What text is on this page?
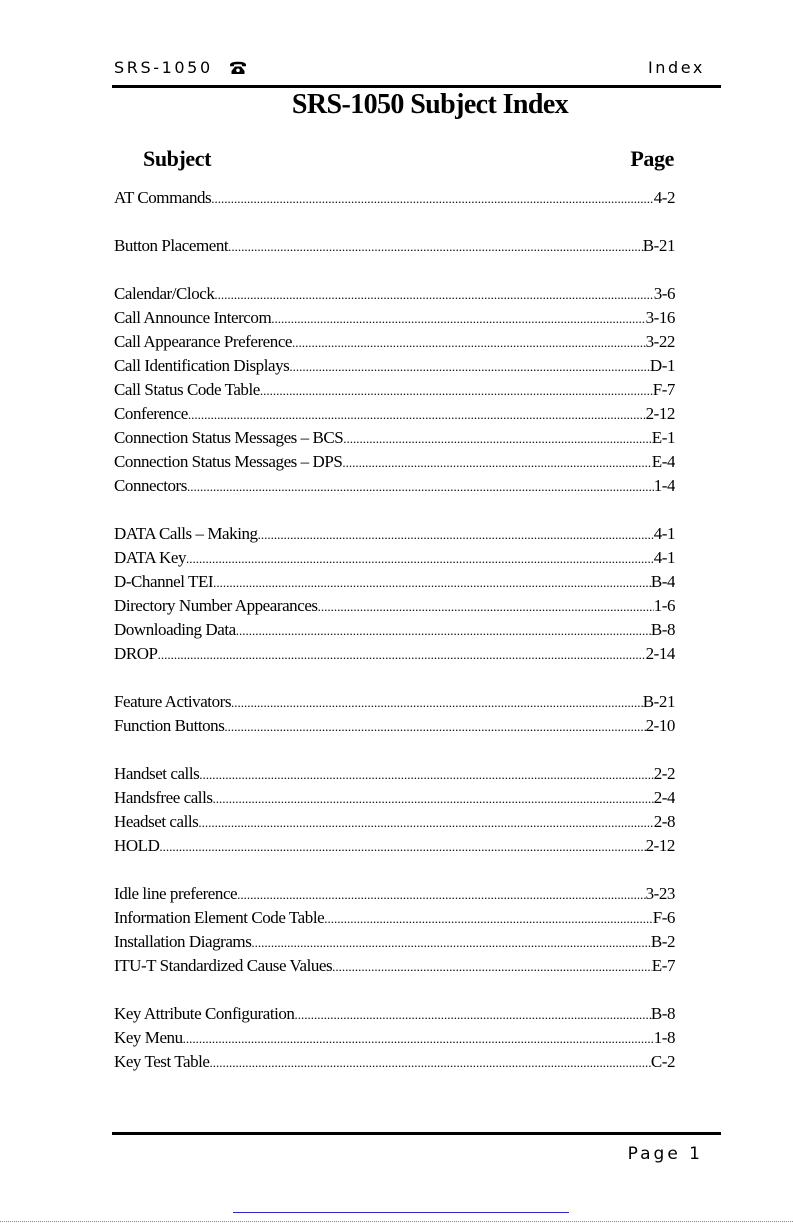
SRS-1050	Index
SRS-1050 Subject Index
Subject	Page
AT Commands .....	4-2
Button Placement .....	B-21
Calendar/Clock .....	3-6
Call Announce Intercom .....	3-16
Call Appearance Preference .....	3-22
Call Identification Displays .....	D-1
Call Status Code Table .....	F-7
Conference .....	2-12
Connection Status Messages – BCS .....	E-1
Connection Status Messages – DPS .....	E-4
Connectors .....	1-4
DATA Calls – Making .....	4-1
DATA Key .....	4-1
D-Channel TEI .....	B-4
Directory Number Appearances .....	1-6
Downloading Data .....	B-8
DROP .....	2-14
Feature Activators .....	B-21
Function Buttons .....	2-10
Handset calls .....	2-2
Handsfree calls .....	2-4
Headset calls .....	2-8
HOLD .....	2-12
Idle line preference .....	3-23
Information Element Code Table .....	F-6
Installation Diagrams .....	B-2
ITU-T Standardized Cause Values .....	E-7
Key Attribute Configuration .....	B-8
Key Menu .....	1-8
Key Test Table .....	C-2
Page 1
